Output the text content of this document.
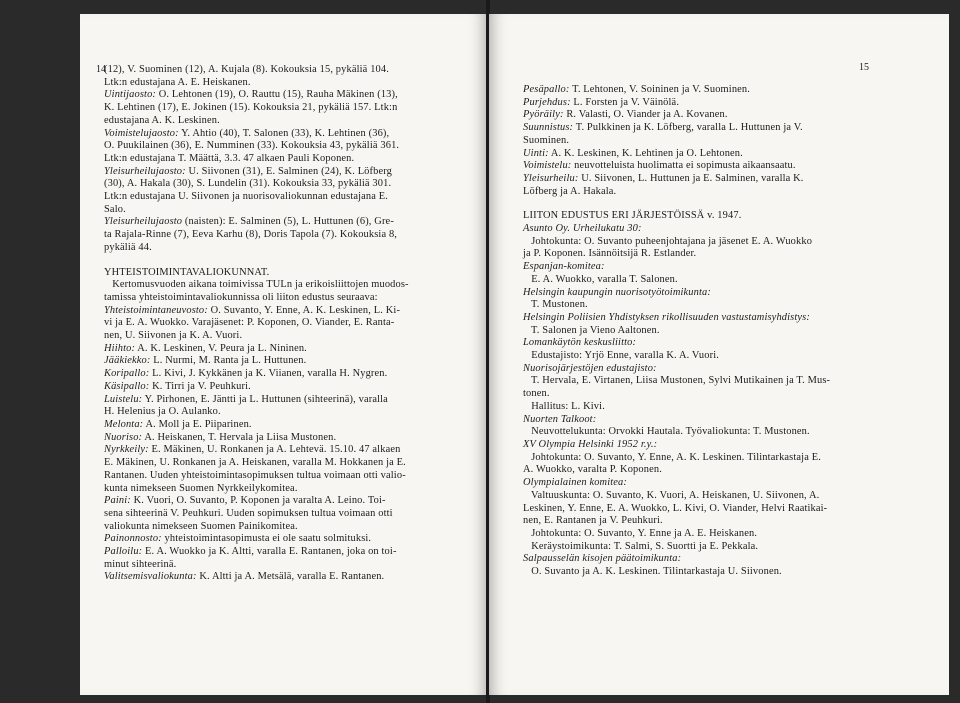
14
(12), V. Suominen (12), A. Kujala (8). Kokouksia 15, pykäliä 104.
Ltk:n edustajana A. E. Heiskanen.
Uintijaosto: O. Lehtonen (19), O. Rauttu (15), Rauha Mäkinen (13),
K. Lehtinen (17), E. Jokinen (15). Kokouksia 21, pykäliä 157. Ltk:n
edustajana A. K. Leskinen.
Voimistelujaosto: Y. Ahtio (40), T. Salonen (33), K. Lehtinen (36),
O. Puukilainen (36), E. Numminen (33). Kokouksia 43, pykäliä 361.
Ltk:n edustajana T. Määttä, 3.3. 47 alkaen Pauli Koponen.
Yleisurheilujaosto: U. Siivonen (31), E. Salminen (24), K. Löfberg
(30), A. Hakala (30), S. Lundelin (31). Kokouksia 33, pykäliä 301.
Ltk:n edustajana U. Siivonen ja nuorisovaliokunnan edustajana E.
Salo.
Yleisurheilujaosto (naisten): E. Salminen (5), L. Huttunen (6), Gre-
ta Rajala-Rinne (7), Eeva Karhu (8), Doris Tapola (7). Kokouksia 8,
pykäliä 44.
YHTEISTOIMINTAVALIOKUNNAT.
Kertomusvuoden aikana toimivissa TULn ja erikoisliittojen muodos-
tamissa yhteistoimintavaliokunnissa oli liiton edustus seuraava:
Yhteistoimintaneuvosto: O. Suvanto, Y. Enne, A. K. Leskinen, L. Ki-
vi ja E. A. Wuokko. Varajäsenet: P. Koponen, O. Viander, E. Ranta-
nen, U. Siivonen ja K. A. Vuori.
Hiihto: A. K. Leskinen, V. Peura ja L. Nininen.
Jääkiekko: L. Nurmi, M. Ranta ja L. Huttunen.
Koripallo: L. Kivi, J. Kykkänen ja K. Viianen, varalla H. Nygren.
Käsipallo: K. Tirri ja V. Peuhkuri.
Luistelu: Y. Pirhonen, E. Jäntti ja L. Huttunen (sihteerinä), varalla
H. Helenius ja O. Aulanko.
Melonta: A. Moll ja E. Piiparinen.
Nuoriso: A. Heiskanen, T. Hervala ja Liisa Mustonen.
Nyrkkeily: E. Mäkinen, U. Ronkanen ja A. Lehtevä. 15.10. 47 alkaen
E. Mäkinen, U. Ronkanen ja A. Heiskanen, varalla M. Hokkanen ja E.
Rantanen. Uuden yhteistoimintasopimuksen tultua voimaan otti valio-
kunta nimekseen Suomen Nyrkkeilykomitea.
Paini: K. Vuori, O. Suvanto, P. Koponen ja varalta A. Leino. Toi-
sena sihteerinä V. Peuhkuri. Uuden sopimuksen tultua voimaan otti
valiokunta nimekseen Suomen Painikomitea.
Painonnosto: yhteistoimintasopimusta ei ole saatu solmituksi.
Palloilu: E. A. Wuokko ja K. Altti, varalla E. Rantanen, joka on toi-
minut sihteerinä.
Valitsemisvaliokunta: K. Altti ja A. Metsälä, varalla E. Rantanen.
15
Pesäpallo: T. Lehtonen, V. Soininen ja V. Suominen.
Purjehdus: L. Forsten ja V. Väinölä.
Pyöräily: R. Valasti, O. Viander ja A. Kovanen.
Suunnistus: T. Pulkkinen ja K. Löfberg, varalla L. Huttunen ja V.
Suominen.
Uinti: A. K. Leskinen, K. Lehtinen ja O. Lehtonen.
Voimistelu: neuvotteluista huolimatta ei sopimusta aikaansaatu.
Yleisurheilu: U. Siivonen, L. Huttunen ja E. Salminen, varalla K.
Löfberg ja A. Hakala.
LIITON EDUSTUS ERI JÄRJESTÖISSÄ v. 1947.
Asunto Oy. Urheilukatu 30:
Johtokunta: O. Suvanto puheenjohtajana ja jäsenet E. A. Wuokko
ja P. Koponen. Isännöitsijä R. Estlander.
Espanjan-komitea:
E. A. Wuokko, varalla T. Salonen.
Helsingin kaupungin nuorisotyötoimikunta:
T. Mustonen.
Helsingin Poliisien Yhdistyksen rikollisuuden vastustamisyhdistys:
T. Salonen ja Vieno Aaltonen.
Lomankäytön keskusliitto:
Edustajisto: Yrjö Enne, varalla K. A. Vuori.
Nuorisojärjestöjen edustajisto:
T. Hervala, E. Virtanen, Liisa Mustonen, Sylvi Mutikainen ja T. Mus-
tonen.
Hallitus: L. Kivi.
Nuorten Talkoot:
Neuvottelukunta: Orvokki Hautala. Työvaliokunta: T. Mustonen.
XV Olympia Helsinki 1952 r.y.:
Johtokunta: O. Suvanto, Y. Enne, A. K. Leskinen. Tilintarkastaja E.
A. Wuokko, varalta P. Koponen.
Olympialainen komitea:
Valtuuskunta: O. Suvanto, K. Vuori, A. Heiskanen, U. Siivonen, A.
Leskinen, Y. Enne, E. A. Wuokko, L. Kivi, O. Viander, Helvi Raatikai-
nen, E. Rantanen ja V. Peuhkuri.
Johtokunta: O. Suvanto, Y. Enne ja A. E. Heiskanen.
Keräystoimikunta: T. Salmi, S. Suorttì ja E. Pekkala.
Salpausselän kisojen päätoimikunta:
O. Suvanto ja A. K. Leskinen. Tilintarkastaja U. Siivonen.
